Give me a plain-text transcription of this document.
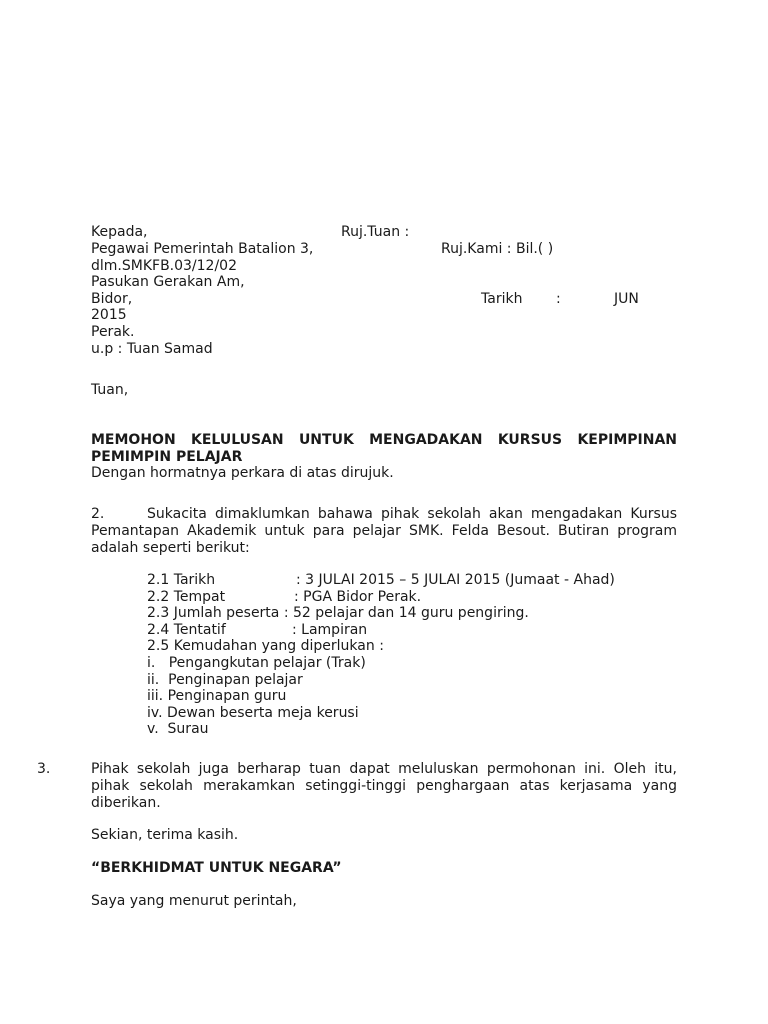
Kepada,	Ruj.Tuan :
Pegawai Pemerintah Batalion 3,	Ruj.Kami : Bil.( )
dlm.SMKFB.03/12/02
Pasukan Gerakan Am,
Bidor,	Tarikh :	JUN
2015
Perak.
u.p : Tuan Samad
Tuan,
MEMOHON KELULUSAN UNTUK MENGADAKAN KURSUS KEPIMPINAN PEMIMPIN PELAJAR
Dengan hormatnya perkara di atas dirujuk.
2.	Sukacita dimaklumkan bahawa pihak sekolah akan mengadakan Kursus Pemantapan Akademik untuk para pelajar SMK. Felda Besout. Butiran program adalah seperti berikut:
2.1 Tarikh	: 3 JULAI 2015 – 5 JULAI 2015 (Jumaat - Ahad)
2.2 Tempat	: PGA Bidor Perak.
2.3 Jumlah peserta : 52 pelajar dan 14 guru pengiring.
2.4 Tentatif	: Lampiran
2.5 Kemudahan yang diperlukan :
i.   Pengangkutan pelajar (Trak)
ii.  Penginapan pelajar
iii. Penginapan guru
iv. Dewan beserta meja kerusi
v.  Surau
3.	Pihak sekolah juga berharap tuan dapat meluluskan permohonan ini. Oleh itu, pihak sekolah merakamkan setinggi-tinggi penghargaan atas kerjasama yang diberikan.
Sekian, terima kasih.
“BERKHIDMAT UNTUK NEGARA”
Saya yang menurut perintah,
